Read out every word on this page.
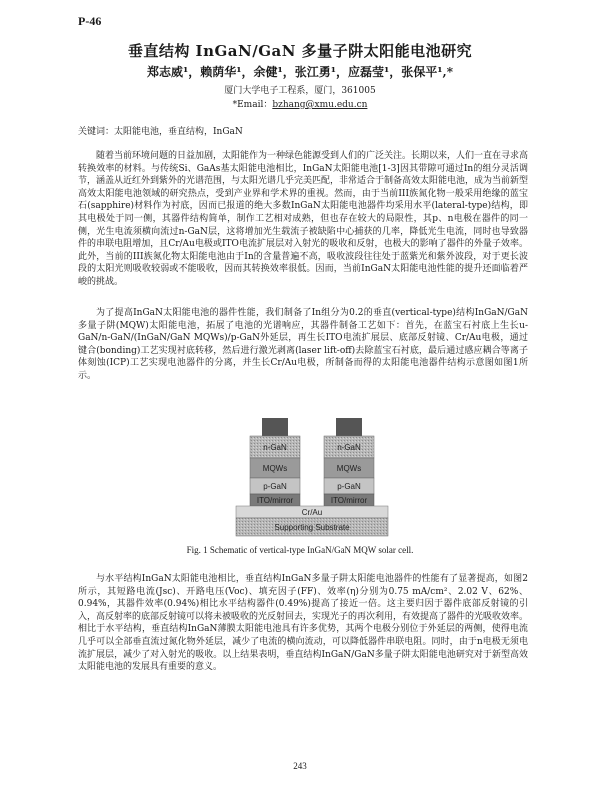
P-46
垂直结构 InGaN/GaN 多量子阱太阳能电池研究
郑志威¹，赖荫华¹，余健¹，张江勇¹，应磊莹¹，张保平¹,*
厦门大学电子工程系，厦门，361005
*Email：bzhang@xmu.edu.cn
关键词：太阳能电池，垂直结构，InGaN

随着当前环境问题的日益加剧，太阳能作为一种绿色能源受到人们的广泛关注。长期以来，人们一直在寻求高转换效率的材料。与传统Si、GaAs基太阳能电池相比，InGaN太阳能电池[1-3]因其带隙可通过In的组分灵活调节，涵盖从近红外到紫外的光谱范围，与太阳光谱几乎完美匹配，非常适合于制备高效太阳能电池，成为当前新型高效太阳能电池领域的研究热点，受到产业界和学术界的重视。然而，由于当前III族氮化物一般采用绝缘的蓝宝石(sapphire)材料作为衬底，因而已报道的绝大多数InGaN太阳能电池器件均采用水平(lateral-type)结构，即其电极处于同一侧，其器件结构简单，制作工艺相对成熟，但也存在较大的局限性，其p、n电极在器件的同一侧，光生电流须横向流过n-GaN层，这将增加光生载流子被缺陷中心捕获的几率，降低光生电流，同时也导致器件的串联电阻增加，且Cr/Au电极或ITO电流扩展层对入射光的吸收和反射，也极大的影响了器件的外量子效率。此外，当前的III族氮化物太阳能电池由于In的含量普遍不高，吸收波段往往处于蓝紫光和紫外波段，对于更长波段的太阳光则吸收较弱或不能吸收，因而其转换效率很低。因而，当前InGaN太阳能电池性能的提升还面临着严峻的挑战。

为了提高InGaN太阳能电池的器件性能，我们制备了In组分为0.2的垂直(vertical-type)结构InGaN/GaN多量子阱(MQW)太阳能电池，拓展了电池的光谱响应，其器件制备工艺如下：首先，在蓝宝石衬底上生长u-GaN/n-GaN/(InGaN/GaN MQWs)/p-GaN外延层，再生长ITO电流扩展层、底部反射镜、Cr/Au电极，通过键合(bonding)工艺实现衬底转移，然后进行激光剥离(laser lift-off)去除蓝宝石衬底，最后通过感应耦合等离子体刻蚀(ICP)工艺实现电池器件的分离，并生长Cr/Au电极，所制备而得的太阳能电池器件结构示意图如图1所示。

n-GaN
MQWs
p-GaN
ITO/mirror
n-GaN
MQWs
p-GaN
ITO/mirror
Cr/Au
Supporting Substrate
Fig. 1 Schematic of vertical-type InGaN/GaN MQW solar cell.

与水平结构InGaN太阳能电池相比，垂直结构InGaN多量子阱太阳能电池器件的性能有了显著提高，如图2所示，其短路电流(Jsc)、开路电压(Voc)、填充因子(FF)、效率(η)分别为0.75 mA/cm²、2.02 V、62%、0.94%，其器件效率(0.94%)相比水平结构器件(0.49%)提高了接近一倍。这主要归因于器件底部反射镜的引入，高反射率的底部反射镜可以将未被吸收的光反射回去，实现光子的再次利用，有效提高了器件的光吸收效率。相比于水平结构，垂直结构InGaN薄膜太阳能电池具有许多优势，其两个电极分别位于外延层的两侧，使得电流几乎可以全部垂直流过氮化物外延层，减少了电流的横向流动，可以降低器件串联电阻。同时，由于n电极无须电流扩展层，减少了对入射光的吸收。以上结果表明，垂直结构InGaN/GaN多量子阱太阳能电池研究对于新型高效太阳能电池的发展具有重要的意义。

243
